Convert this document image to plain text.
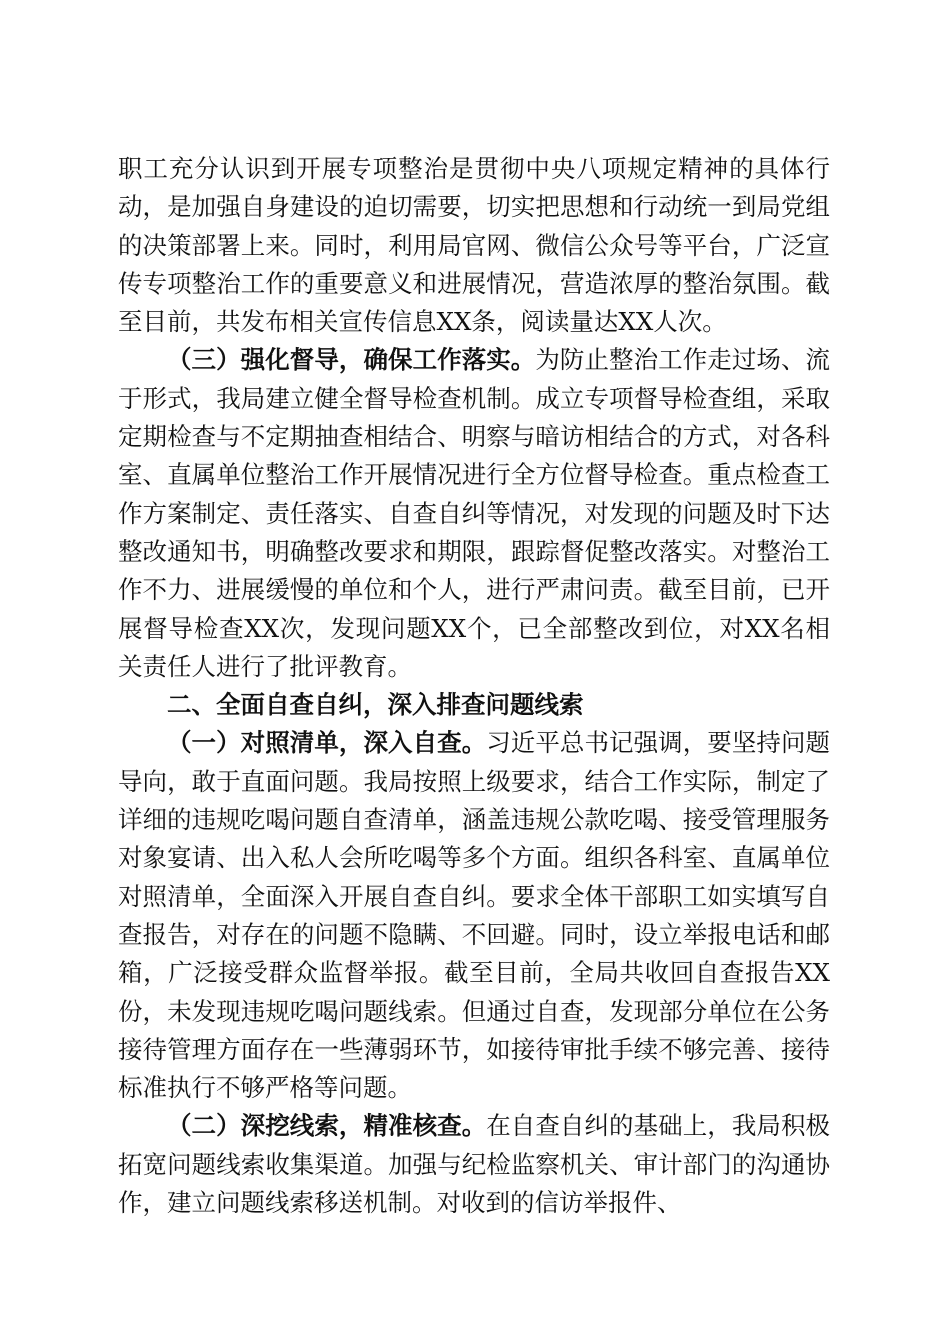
职工充分认识到开展专项整治是贯彻中央八项规定精神的具体行动，是加强自身建设的迫切需要，切实把思想和行动统一到局党组的决策部署上来。同时，利用局官网、微信公众号等平台，广泛宣传专项整治工作的重要意义和进展情况，营造浓厚的整治氛围。截至目前，共发布相关宣传信息XX条，阅读量达XX人次。

（三）强化督导，确保工作落实。为防止整治工作走过场、流于形式，我局建立健全督导检查机制。成立专项督导检查组，采取定期检查与不定期抽查相结合、明察与暗访相结合的方式，对各科室、直属单位整治工作开展情况进行全方位督导检查。重点检查工作方案制定、责任落实、自查自纠等情况，对发现的问题及时下达整改通知书，明确整改要求和期限，跟踪督促整改落实。对整治工作不力、进展缓慢的单位和个人，进行严肃问责。截至目前，已开展督导检查XX次，发现问题XX个，已全部整改到位，对XX名相关责任人进行了批评教育。

二、全面自查自纠，深入排查问题线索

（一）对照清单，深入自查。习近平总书记强调，要坚持问题导向，敢于直面问题。我局按照上级要求，结合工作实际，制定了详细的违规吃喝问题自查清单，涵盖违规公款吃喝、接受管理服务对象宴请、出入私人会所吃喝等多个方面。组织各科室、直属单位对照清单，全面深入开展自查自纠。要求全体干部职工如实填写自查报告，对存在的问题不隐瞒、不回避。同时，设立举报电话和邮箱，广泛接受群众监督举报。截至目前，全局共收回自查报告XX份，未发现违规吃喝问题线索。但通过自查，发现部分单位在公务接待管理方面存在一些薄弱环节，如接待审批手续不够完善、接待标准执行不够严格等问题。

（二）深挖线索，精准核查。在自查自纠的基础上，我局积极拓宽问题线索收集渠道。加强与纪检监察机关、审计部门的沟通协作，建立问题线索移送机制。对收到的信访举报件、
